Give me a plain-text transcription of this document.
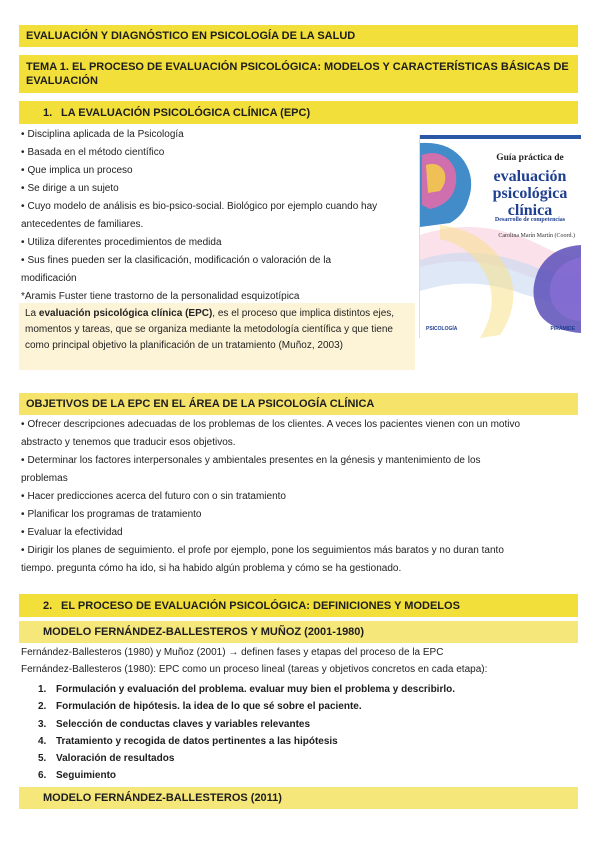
EVALUACIÓN Y DIAGNÓSTICO EN PSICOLOGÍA DE LA SALUD
TEMA 1. EL PROCESO DE EVALUACIÓN PSICOLÓGICA: MODELOS Y CARACTERÍSTICAS BÁSICAS DE EVALUACIÓN
1. LA EVALUACIÓN PSICOLÓGICA CLÍNICA (EPC)
• Disciplina aplicada de la Psicología
• Basada en el método científico
• Que implica un proceso
• Se dirige a un sujeto
• Cuyo modelo de análisis es bio-psico-social. Biológico por ejemplo cuando hay
antecedentes de familiares.
• Utiliza diferentes procedimientos de medida
• Sus fines pueden ser la clasificación, modificación o valoración de la
modificación
*Aramis Fuster tiene trastorno de la personalidad esquizotípica
La evaluación psicológica clínica (EPC), es el proceso que implica distintos ejes, momentos y tareas, que se organiza mediante la metodología científica y que tiene como principal objetivo la planificación de un tratamiento (Muñoz, 2003)
Guía práctica de
evaluación psicológica clínica
Desarrollo de competencias
Carolina Marín Martín (Coord.)
PSICOLOGÍA	PIRÁMIDE
OBJETIVOS DE LA EPC EN EL ÁREA DE LA PSICOLOGÍA CLÍNICA
• Ofrecer descripciones adecuadas de los problemas de los clientes. A veces los pacientes vienen con un motivo
abstracto y tenemos que traducir esos objetivos.
• Determinar los factores interpersonales y ambientales presentes en la génesis y mantenimiento de los
problemas
• Hacer predicciones acerca del futuro con o sin tratamiento
• Planificar los programas de tratamiento
• Evaluar la efectividad
• Dirigir los planes de seguimiento. el profe por ejemplo, pone los seguimientos más baratos y no duran tanto
tiempo. pregunta cómo ha ido, si ha habido algún problema y cómo se ha gestionado.
2. EL PROCESO DE EVALUACIÓN PSICOLÓGICA: DEFINICIONES Y MODELOS
MODELO FERNÁNDEZ-BALLESTEROS Y MUÑOZ (2001-1980)
Fernández-Ballesteros (1980) y Muñoz (2001) → definen fases y etapas del proceso de la EPC
Fernández-Ballesteros (1980): EPC como un proceso lineal (tareas y objetivos concretos en cada etapa):
1. Formulación y evaluación del problema. evaluar muy bien el problema y describirlo.
2. Formulación de hipótesis. la idea de lo que sé sobre el paciente.
3. Selección de conductas claves y variables relevantes
4. Tratamiento y recogida de datos pertinentes a las hipótesis
5. Valoración de resultados
6. Seguimiento
MODELO FERNÁNDEZ-BALLESTEROS (2011)
